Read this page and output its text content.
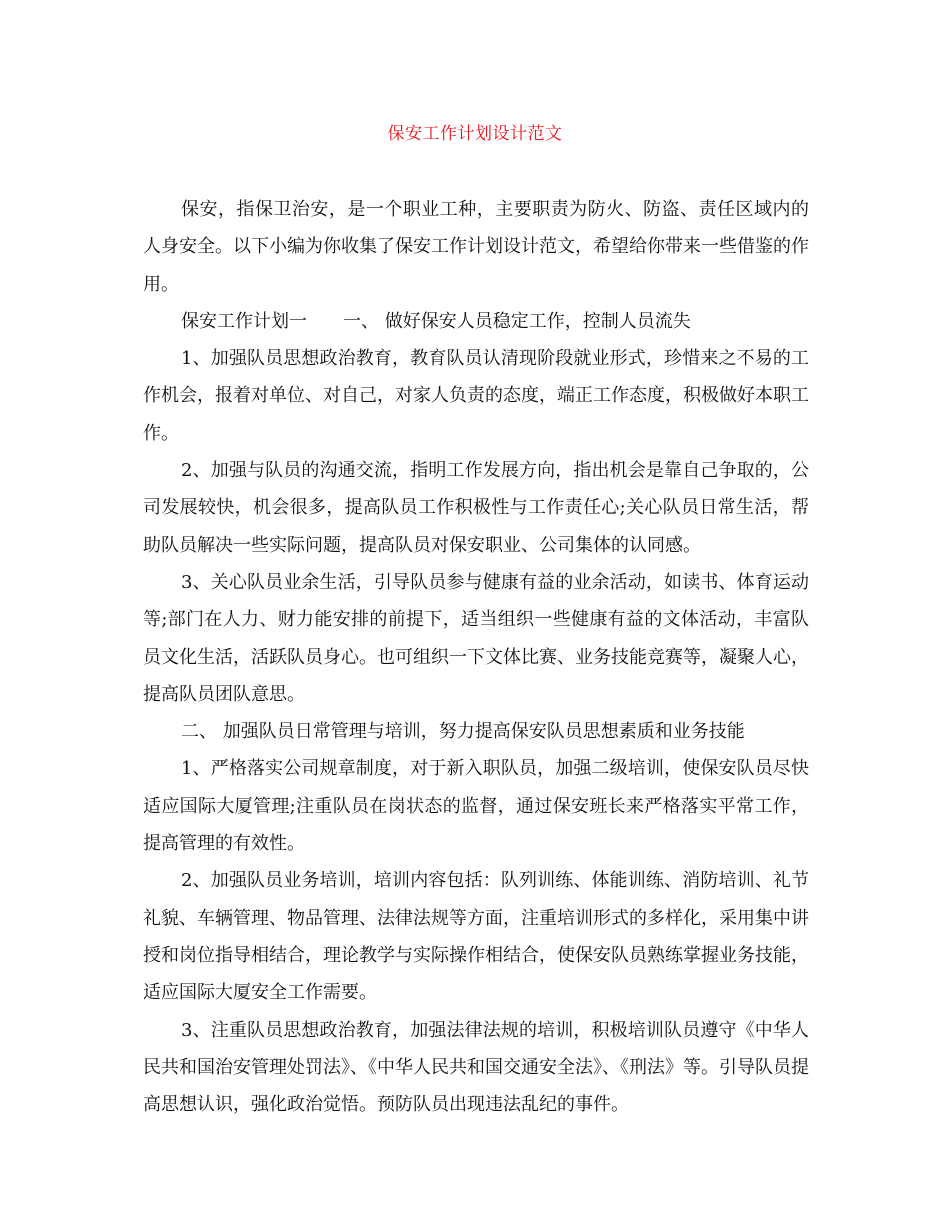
保安工作计划设计范文

保安，指保卫治安，是一个职业工种，主要职责为防火、防盗、责任区域内的人身安全。以下小编为你收集了保安工作计划设计范文，希望给你带来一些借鉴的作用。

保安工作计划一　　一、 做好保安人员稳定工作，控制人员流失

1、加强队员思想政治教育，教育队员认清现阶段就业形式，珍惜来之不易的工作机会，报着对单位、对自己，对家人负责的态度，端正工作态度，积极做好本职工作。

2、加强与队员的沟通交流，指明工作发展方向，指出机会是靠自己争取的，公司发展较快，机会很多，提高队员工作积极性与工作责任心;关心队员日常生活，帮助队员解决一些实际问题，提高队员对保安职业、公司集体的认同感。

3、关心队员业余生活，引导队员参与健康有益的业余活动，如读书、体育运动等;部门在人力、财力能安排的前提下，适当组织一些健康有益的文体活动，丰富队员文化生活，活跃队员身心。也可组织一下文体比赛、业务技能竞赛等，凝聚人心，提高队员团队意思。

二、 加强队员日常管理与培训，努力提高保安队员思想素质和业务技能

1、严格落实公司规章制度，对于新入职队员，加强二级培训，使保安队员尽快适应国际大厦管理;注重队员在岗状态的监督，通过保安班长来严格落实平常工作，提高管理的有效性。

2、加强队员业务培训，培训内容包括：队列训练、体能训练、消防培训、礼节礼貌、车辆管理、物品管理、法律法规等方面，注重培训形式的多样化，采用集中讲授和岗位指导相结合，理论教学与实际操作相结合，使保安队员熟练掌握业务技能，适应国际大厦安全工作需要。

3、注重队员思想政治教育，加强法律法规的培训，积极培训队员遵守《中华人民共和国治安管理处罚法》、《中华人民共和国交通安全法》、《刑法》等。引导队员提高思想认识，强化政治觉悟。预防队员出现违法乱纪的事件。
